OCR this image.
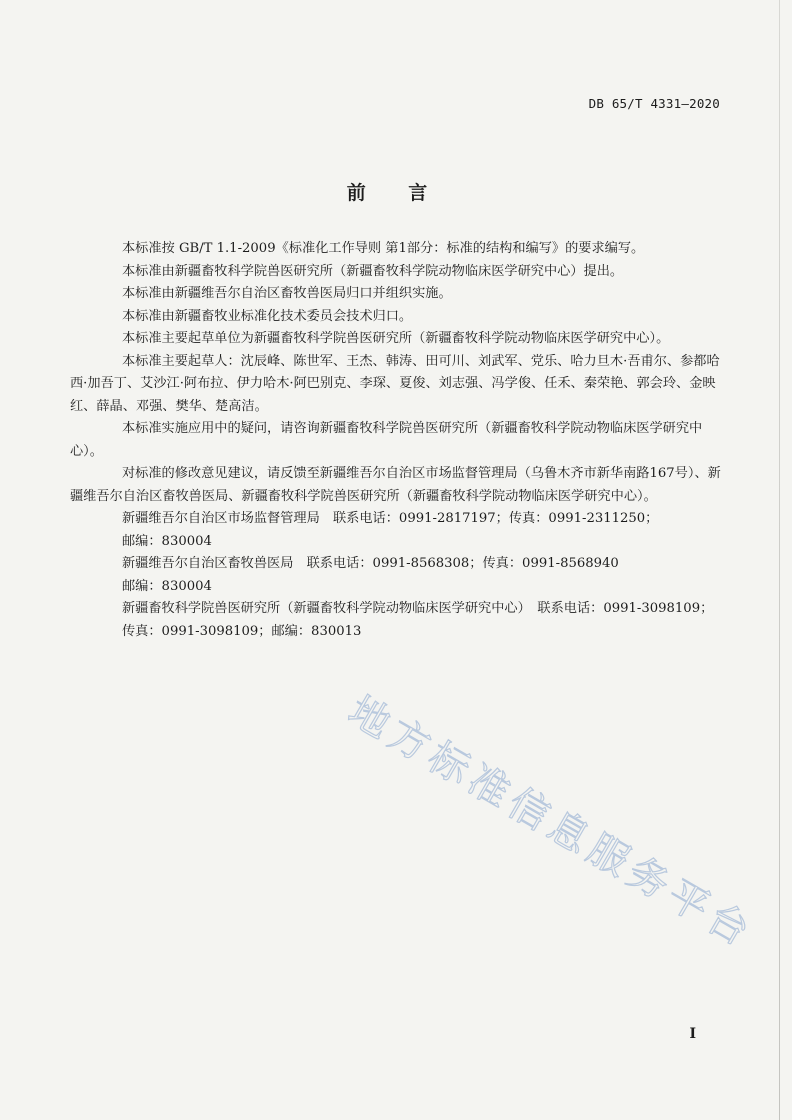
DB 65/T 4331—2020
前 言

本标准按 GB/T 1.1-2009《标准化工作导则 第1部分：标准的结构和编写》的要求编写。

本标准由新疆畜牧科学院兽医研究所（新疆畜牧科学院动物临床医学研究中心）提出。

本标准由新疆维吾尔自治区畜牧兽医局归口并组织实施。

本标准由新疆畜牧业标准化技术委员会技术归口。

本标准主要起草单位为新疆畜牧科学院兽医研究所（新疆畜牧科学院动物临床医学研究中心）。

本标准主要起草人：沈辰峰、陈世军、王杰、韩涛、田可川、刘武军、党乐、哈力旦木·吾甫尔、参都哈西·加吾丁、艾沙江·阿布拉、伊力哈木·阿巴别克、李琛、夏俊、刘志强、冯学俊、任禾、秦荣艳、郭会玲、金映红、薛晶、邓强、樊华、楚高洁。

本标准实施应用中的疑问，请咨询新疆畜牧科学院兽医研究所（新疆畜牧科学院动物临床医学研究中心）。

对标准的修改意见建议，请反馈至新疆维吾尔自治区市场监督管理局（乌鲁木齐市新华南路167号）、新疆维吾尔自治区畜牧兽医局、新疆畜牧科学院兽医研究所（新疆畜牧科学院动物临床医学研究中心）。

新疆维吾尔自治区市场监督管理局　联系电话：0991-2817197；传真：0991-2311250；

邮编：830004

新疆维吾尔自治区畜牧兽医局　联系电话：0991-8568308；传真：0991-8568940

邮编：830004

新疆畜牧科学院兽医研究所（新疆畜牧科学院动物临床医学研究中心）　联系电话：0991-3098109；

传真：0991-3098109；邮编：830013

地方标准信息服务平台
I
